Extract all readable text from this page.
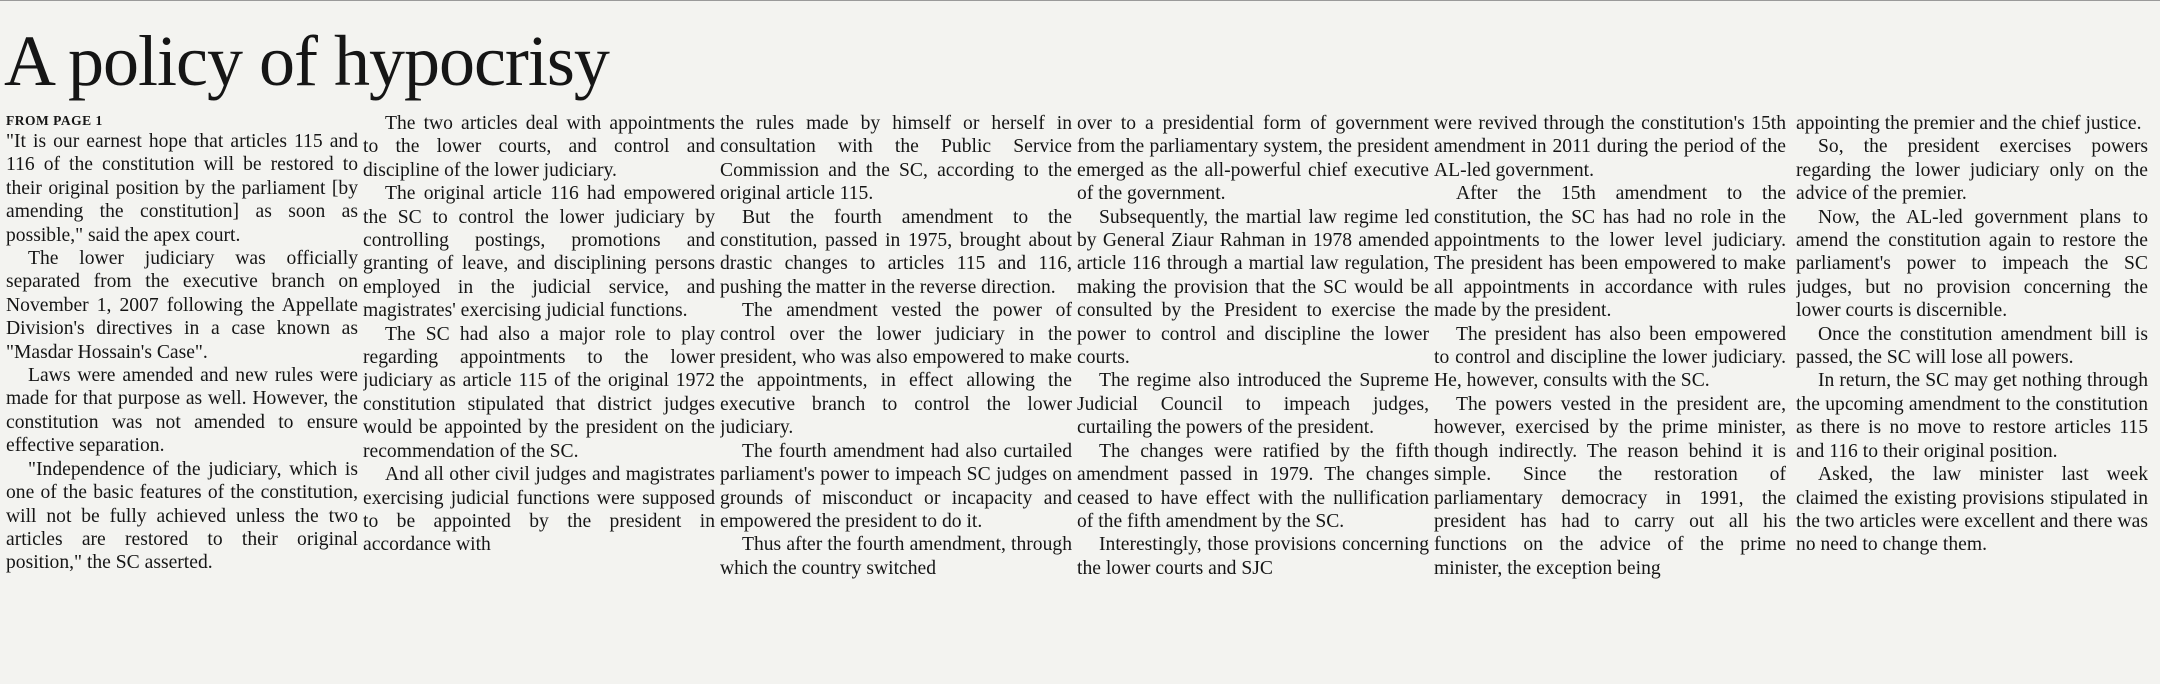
A policy of hypocrisy
FROM PAGE 1

"It is our earnest hope that articles 115 and 116 of the constitution will be restored to their original position by the parliament [by amending the constitution] as soon as possible," said the apex court.

The lower judiciary was officially separated from the executive branch on November 1, 2007 following the Appellate Division's directives in a case known as "Masdar Hossain's Case".

Laws were amended and new rules were made for that purpose as well. However, the constitution was not amended to ensure effective separation.

"Independence of the judiciary, which is one of the basic features of the constitution, will not be fully achieved unless the two articles are restored to their original position," the SC asserted.

The two articles deal with appointments to the lower courts, and control and discipline of the lower judiciary.

The original article 116 had empowered the SC to control the lower judiciary by controlling postings, promotions and granting of leave, and disciplining persons employed in the judicial service, and magistrates' exercising judicial functions.

The SC had also a major role to play regarding appointments to the lower judiciary as article 115 of the original 1972 constitution stipulated that district judges would be appointed by the president on the recommendation of the SC.

And all other civil judges and magistrates exercising judicial functions were supposed to be appointed by the president in accordance with

the rules made by himself or herself in consultation with the Public Service Commission and the SC, according to the original article 115.

But the fourth amendment to the constitution, passed in 1975, brought about drastic changes to articles 115 and 116, pushing the matter in the reverse direction.

The amendment vested the power of control over the lower judiciary in the president, who was also empowered to make the appointments, in effect allowing the executive branch to control the lower judiciary.

The fourth amendment had also curtailed parliament's power to impeach SC judges on grounds of misconduct or incapacity and empowered the president to do it.

Thus after the fourth amendment, through which the country switched

over to a presidential form of government from the parliamentary system, the president emerged as the all-powerful chief executive of the government.

Subsequently, the martial law regime led by General Ziaur Rahman in 1978 amended article 116 through a martial law regulation, making the provision that the SC would be consulted by the President to exercise the power to control and discipline the lower courts.

The regime also introduced the Supreme Judicial Council to impeach judges, curtailing the powers of the president.

The changes were ratified by the fifth amendment passed in 1979. The changes ceased to have effect with the nullification of the fifth amendment by the SC.

Interestingly, those provisions concerning the lower courts and SJC

were revived through the constitution's 15th amendment in 2011 during the period of the AL-led government.

After the 15th amendment to the constitution, the SC has had no role in the appointments to the lower level judiciary. The president has been empowered to make all appointments in accordance with rules made by the president.

The president has also been empowered to control and discipline the lower judiciary. He, however, consults with the SC.

The powers vested in the president are, however, exercised by the prime minister, though indirectly. The reason behind it is simple. Since the restoration of parliamentary democracy in 1991, the president has had to carry out all his functions on the advice of the prime minister, the exception being

appointing the premier and the chief justice.

So, the president exercises powers regarding the lower judiciary only on the advice of the premier.

Now, the AL-led government plans to amend the constitution again to restore the parliament's power to impeach the SC judges, but no provision concerning the lower courts is discernible.

Once the constitution amendment bill is passed, the SC will lose all powers.

In return, the SC may get nothing through the upcoming amendment to the constitution as there is no move to restore articles 115 and 116 to their original position.

Asked, the law minister last week claimed the existing provisions stipulated in the two articles were excellent and there was no need to change them.
